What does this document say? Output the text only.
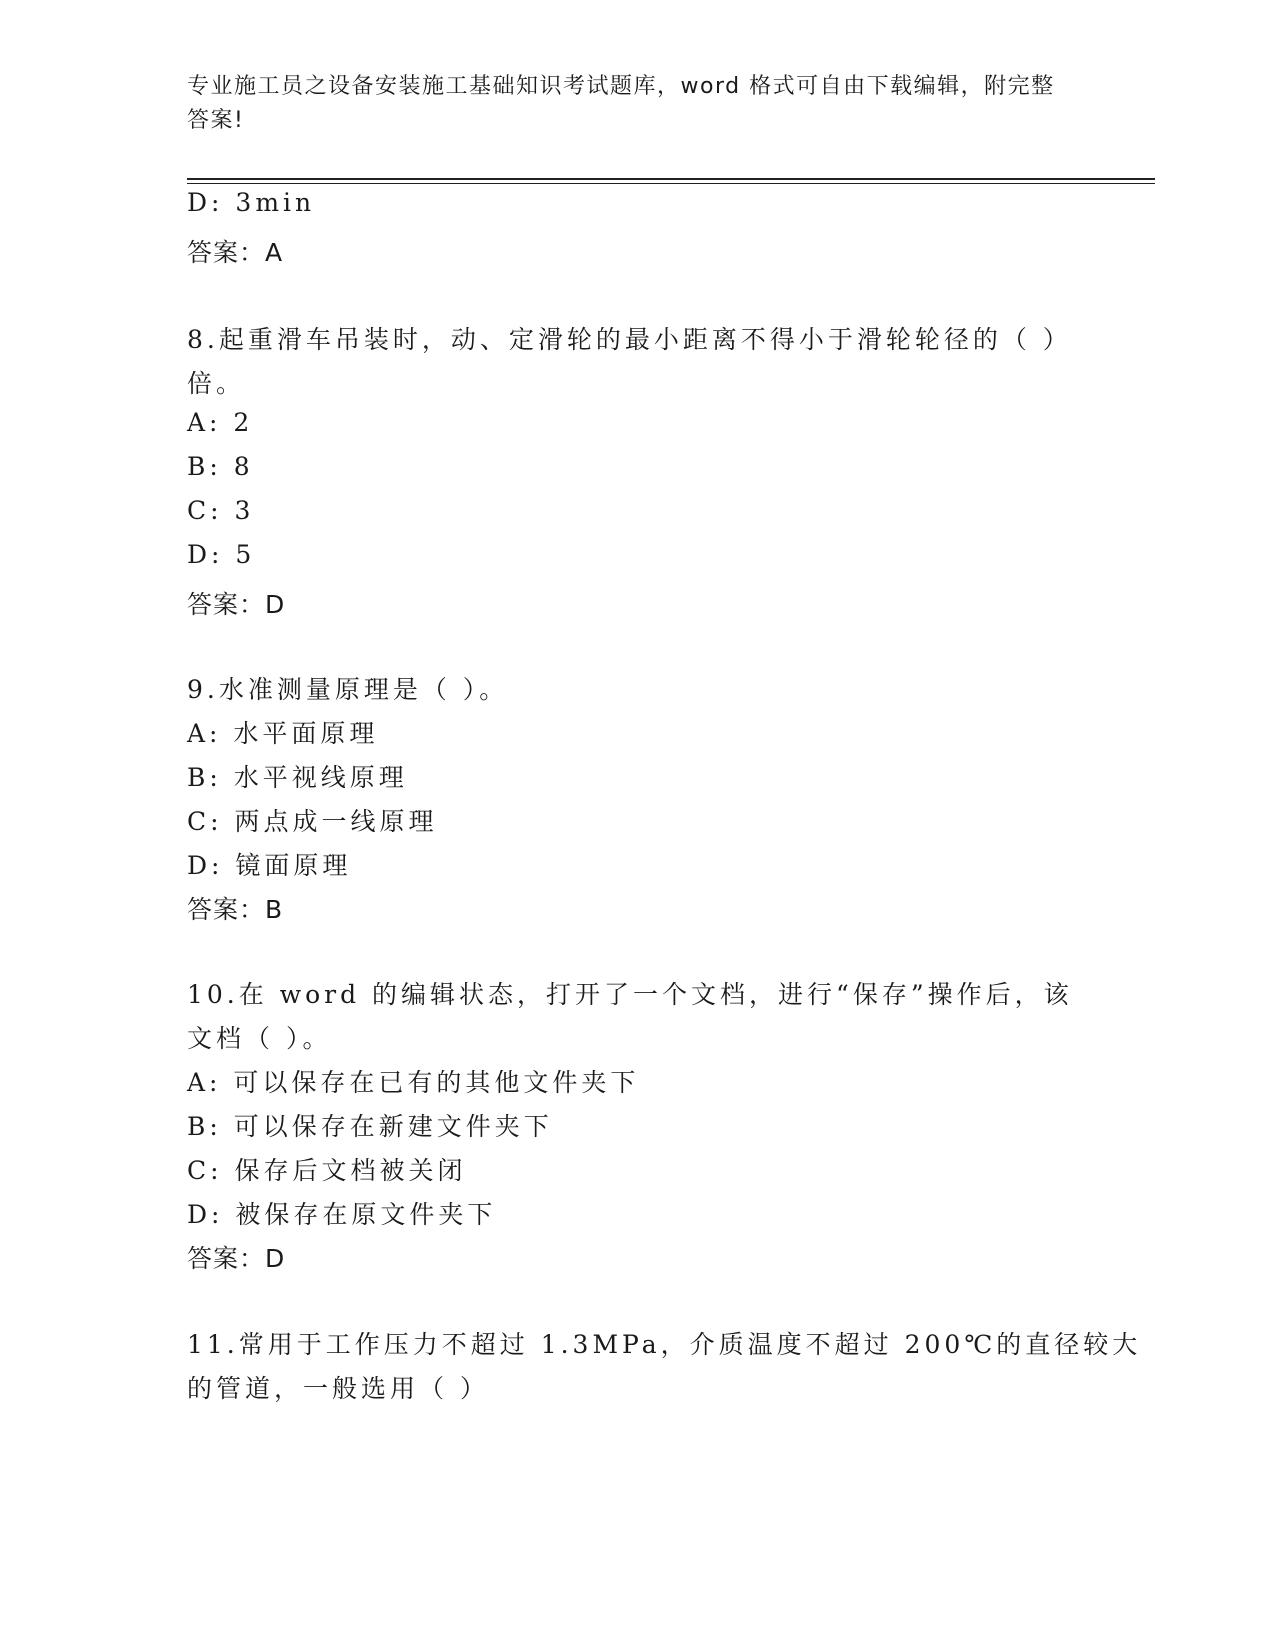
专业施工员之设备安装施工基础知识考试题库，word 格式可自由下载编辑，附完整答案!
D: 3min
答案：A
8.起重滑车吊装时，动、定滑轮的最小距离不得小于滑轮轮径的（ ）
倍。
A: 2
B: 8
C: 3
D: 5
答案：D
9.水准测量原理是（ ）。
A: 水平面原理
B: 水平视线原理
C: 两点成一线原理
D: 镜面原理
答案：B
10.在 word 的编辑状态，打开了一个文档，进行“保存”操作后，该
文档（ ）。
A: 可以保存在已有的其他文件夹下
B: 可以保存在新建文件夹下
C: 保存后文档被关闭
D: 被保存在原文件夹下
答案：D
11.常用于工作压力不超过 1.3MPa，介质温度不超过 200℃的直径较大
的管道，一般选用（ ）
